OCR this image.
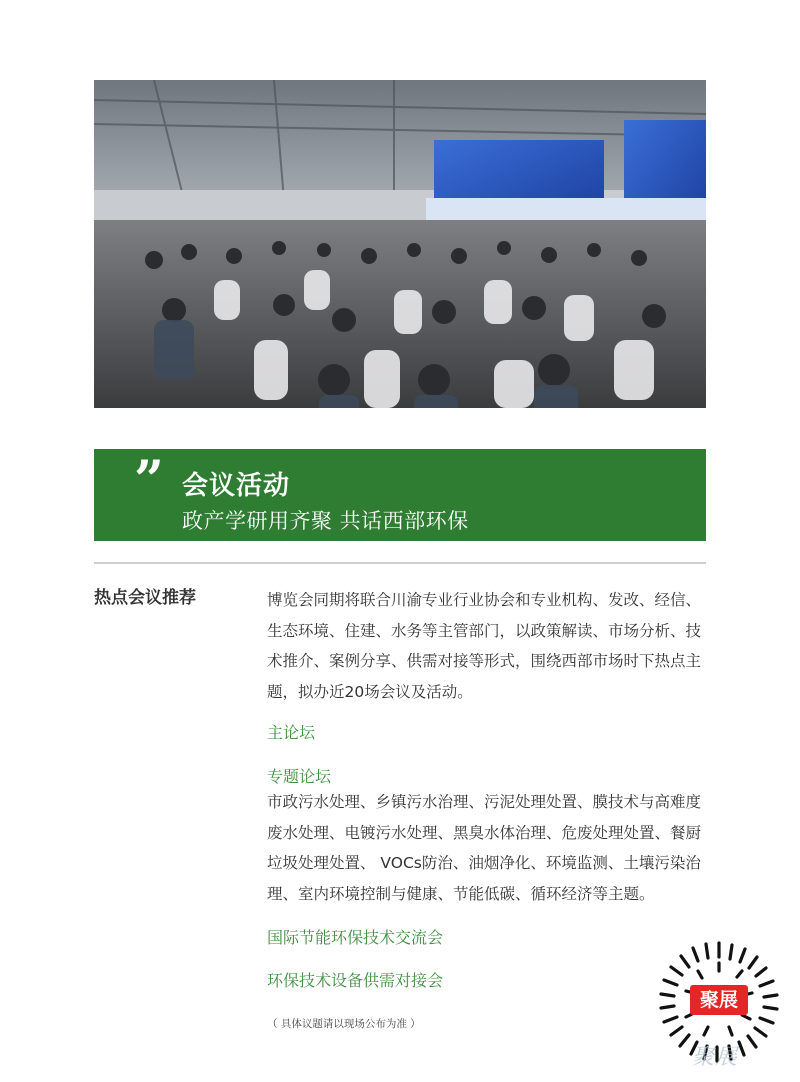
” 会议活动
政产学研用齐聚 共话西部环保
热点会议推荐	博览会同期将联合川渝专业行业协会和专业机构、发改、经信、生态环境、住建、水务等主管部门，以政策解读、市场分析、技术推介、案例分享、供需对接等形式，围绕西部市场时下热点主题，拟办近20场会议及活动。
主论坛
专题论坛
市政污水处理、乡镇污水治理、污泥处理处置、膜技术与高难度废水处理、电镀污水处理、黑臭水体治理、危废处理处置、餐厨垃圾处理处置、 VOCs防治、油烟净化、环境监测、土壤污染治理、室内环境控制与健康、节能低碳、循环经济等主题。
国际节能环保技术交流会
环保技术设备供需对接会
（ 具体议题请以现场公布为准 ）
聚展
聚展
